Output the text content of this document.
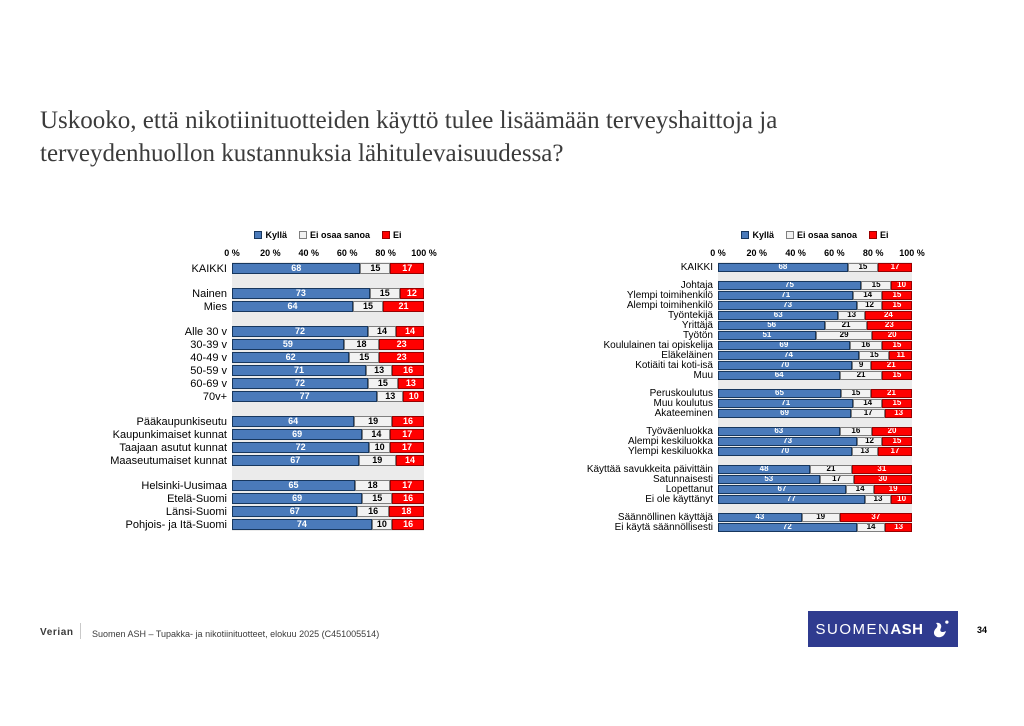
Uskooko, että nikotiinituotteiden käyttö tulee lisäämään terveyshaittoja ja terveydenhuollon kustannuksia lähitulevaisuudessa?
Kyllä	Ei osaa sanoa	Ei
0 % 20 % 40 % 60 % 80 % 100 %
KAIKKI	68	15	17
Nainen	73	15	12
Mies	64	15	21
Alle 30 v	72	14	14
30-39 v	59	18	23
40-49 v	62	15	23
50-59 v	71	13	16
60-69 v	72	15	13
70v+	77	13	10
Pääkaupunkiseutu	64	19	16
Kaupunkimaiset kunnat	69	14	17
Taajaan asutut kunnat	72	10	17
Maaseutumaiset kunnat	67	19	14
Helsinki-Uusimaa	65	18	17
Etelä-Suomi	69	15	16
Länsi-Suomi	67	16	18
Pohjois- ja Itä-Suomi	74	10	16
Kyllä	Ei osaa sanoa	Ei
0 % 20 % 40 % 60 % 80 % 100 %
KAIKKI	68	15	17
Johtaja	75	15	10
Ylempi toimihenkilö	71	14	15
Alempi toimihenkilö	73	12	15
Työntekijä	63	13	24
Yrittäjä	56	21	23
Työtön	51	29	20
Koululainen tai opiskelija	69	16	15
Eläkeläinen	74	15	11
Kotiäiti tai koti-isä	70	9	21
Muu	64	21	15
Peruskoulutus	65	15	21
Muu koulutus	71	14	15
Akateeminen	69	17	13
Työväenluokka	63	16	20
Alempi keskiluokka	73	12	15
Ylempi keskiluokka	70	13	17
Käyttää savukkeita päivittäin	48	21	31
Satunnaisesti	53	17	30
Lopettanut	67	14	19
Ei ole käyttänyt	77	13	10
Säännöllinen käyttäjä	43	19	37
Ei käytä säännöllisesti	72	14	13
Verian Suomen ASH – Tupakka- ja nikotiinituotteet, elokuu 2025 (C451005514)	SUOMENASH	34
